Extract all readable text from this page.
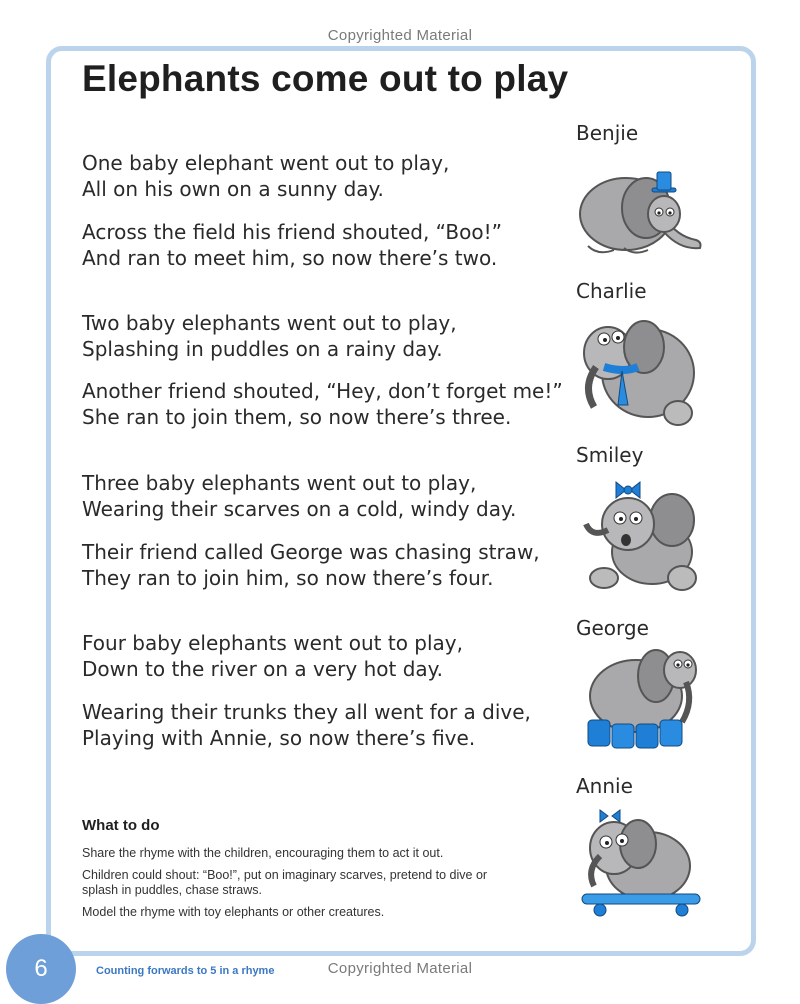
Copyrighted Material
Elephants come out to play

One baby elephant went out to play,
All on his own on a sunny day.

Across the field his friend shouted, “Boo!”
And ran to meet him, so now there’s two.

Two baby elephants went out to play,
Splashing in puddles on a rainy day.

Another friend shouted, “Hey, don’t forget me!”
She ran to join them, so now there’s three.

Three baby elephants went out to play,
Wearing their scarves on a cold, windy day.

Their friend called George was chasing straw,
They ran to join him, so now there’s four.

Four baby elephants went out to play,
Down to the river on a very hot day.

Wearing their trunks they all went for a dive,
Playing with Annie, so now there’s five.

Benjie
Charlie
Smiley
George
Annie
What to do

Share the rhyme with the children, encouraging them to act it out.

Children could shout: “Boo!”, put on imaginary scarves, pretend to dive or splash in puddles, chase straws.

Model the rhyme with toy elephants or other creatures.

6	Counting forwards to 5 in a rhyme	Copyrighted Material
